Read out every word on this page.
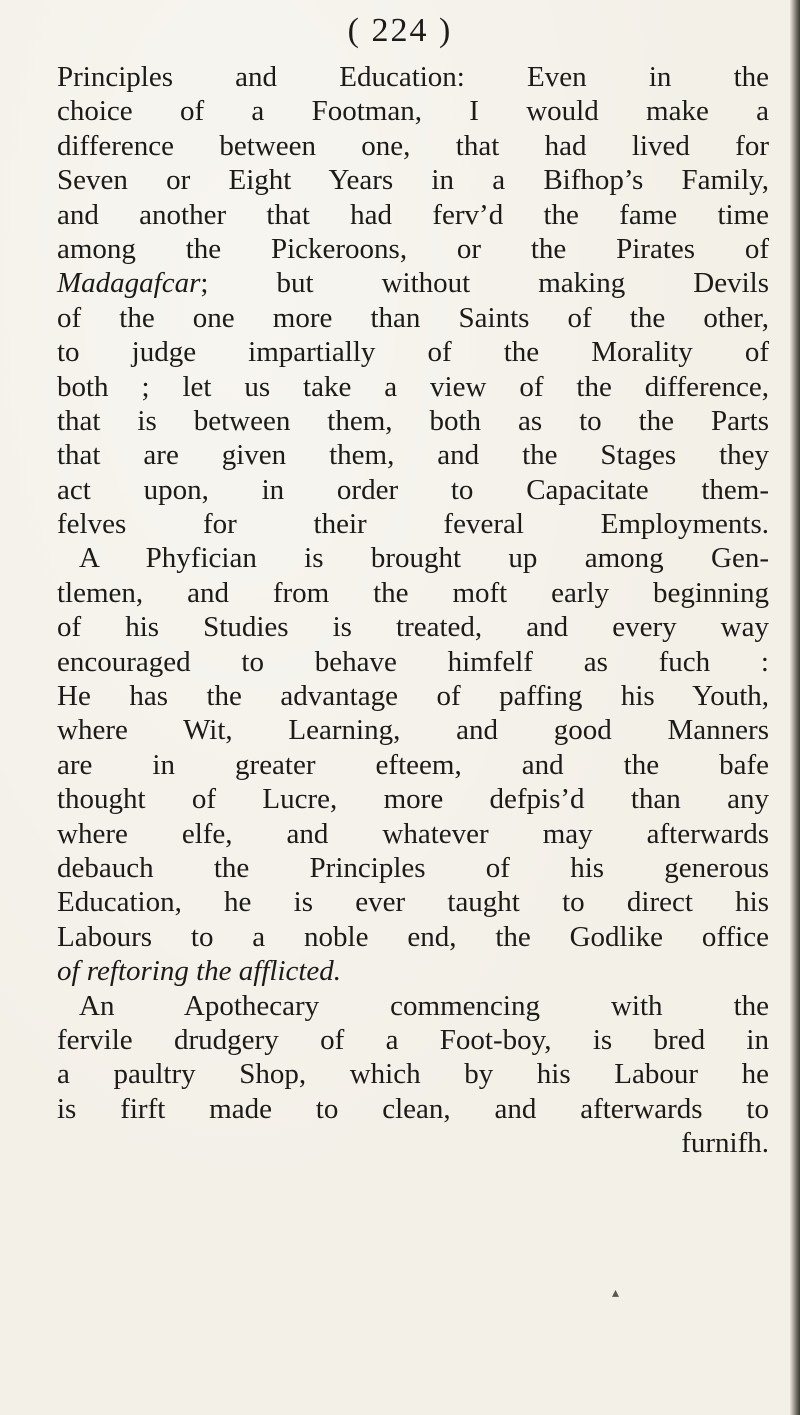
( 224 )
Principles and Education: Even in the
choice of a Footman, I would make a
difference between one, that had lived for
Seven or Eight Years in a Bifhop’s Family,
and another that had ferv’d the fame time
among the Pickeroons, or the Pirates of
Madagafcar; but without making Devils
of the one more than Saints of the other,
to judge impartially of the Morality of
both ; let us take a view of the difference,
that is between them, both as to the Parts
that are given them, and the Stages they
act upon, in order to Capacitate them-
felves for their feveral Employments.
A Phyfician is brought up among Gen-
tlemen, and from the moft early beginning
of his Studies is treated, and every way
encouraged to behave himfelf as fuch :
He has the advantage of paffing his Youth,
where Wit, Learning, and good Manners
are in greater efteem, and the bafe
thought of Lucre, more defpis’d than any
where elfe, and whatever may afterwards
debauch the Principles of his generous
Education, he is ever taught to direct his
Labours to a noble end, the Godlike office
of reftoring the afflicted.
An Apothecary commencing with the
fervile drudgery of a Foot-boy, is bred in
a paultry Shop, which by his Labour he
is firft made to clean, and afterwards to
furnifh.
▴
